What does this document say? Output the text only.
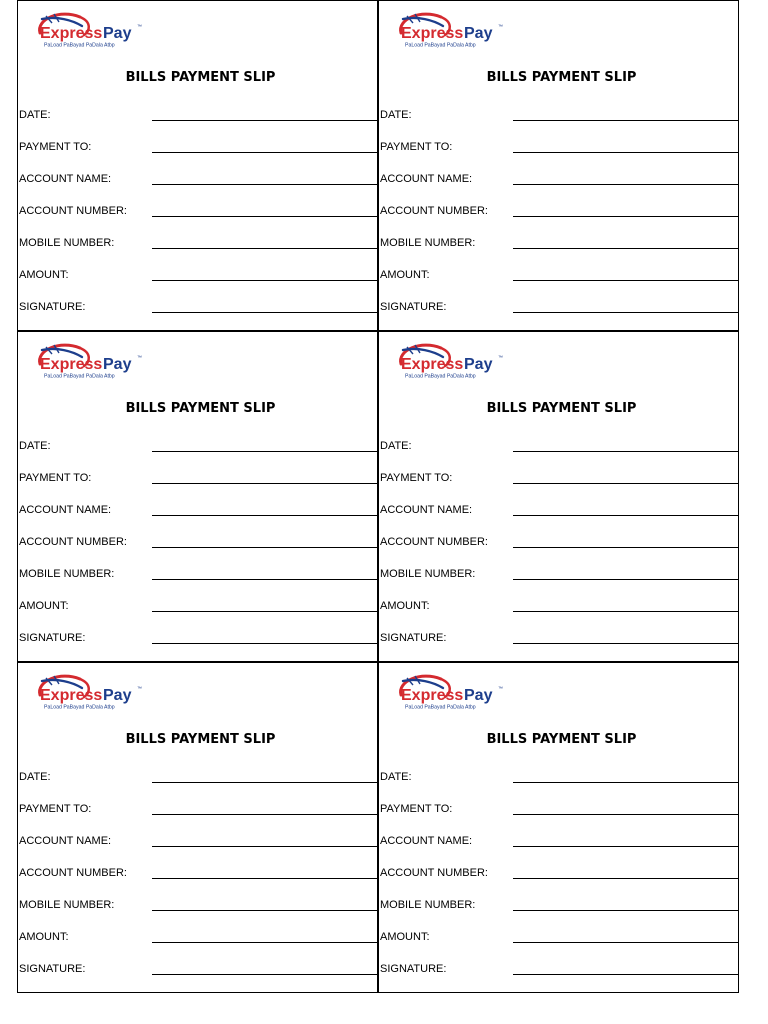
Express Pay ™
PaLoad PaBayad PaDala Atbp
BILLS PAYMENT SLIP
DATE:
PAYMENT TO:
ACCOUNT NAME:
ACCOUNT NUMBER:
MOBILE NUMBER:
AMOUNT:
SIGNATURE:
Express Pay ™
PaLoad PaBayad PaDala Atbp
BILLS PAYMENT SLIP
DATE:
PAYMENT TO:
ACCOUNT NAME:
ACCOUNT NUMBER:
MOBILE NUMBER:
AMOUNT:
SIGNATURE:
Express Pay ™
PaLoad PaBayad PaDala Atbp
BILLS PAYMENT SLIP
DATE:
PAYMENT TO:
ACCOUNT NAME:
ACCOUNT NUMBER:
MOBILE NUMBER:
AMOUNT:
SIGNATURE:
Express Pay ™
PaLoad PaBayad PaDala Atbp
BILLS PAYMENT SLIP
DATE:
PAYMENT TO:
ACCOUNT NAME:
ACCOUNT NUMBER:
MOBILE NUMBER:
AMOUNT:
SIGNATURE:
Express Pay ™
PaLoad PaBayad PaDala Atbp
BILLS PAYMENT SLIP
DATE:
PAYMENT TO:
ACCOUNT NAME:
ACCOUNT NUMBER:
MOBILE NUMBER:
AMOUNT:
SIGNATURE:
Express Pay ™
PaLoad PaBayad PaDala Atbp
BILLS PAYMENT SLIP
DATE:
PAYMENT TO:
ACCOUNT NAME:
ACCOUNT NUMBER:
MOBILE NUMBER:
AMOUNT:
SIGNATURE:
